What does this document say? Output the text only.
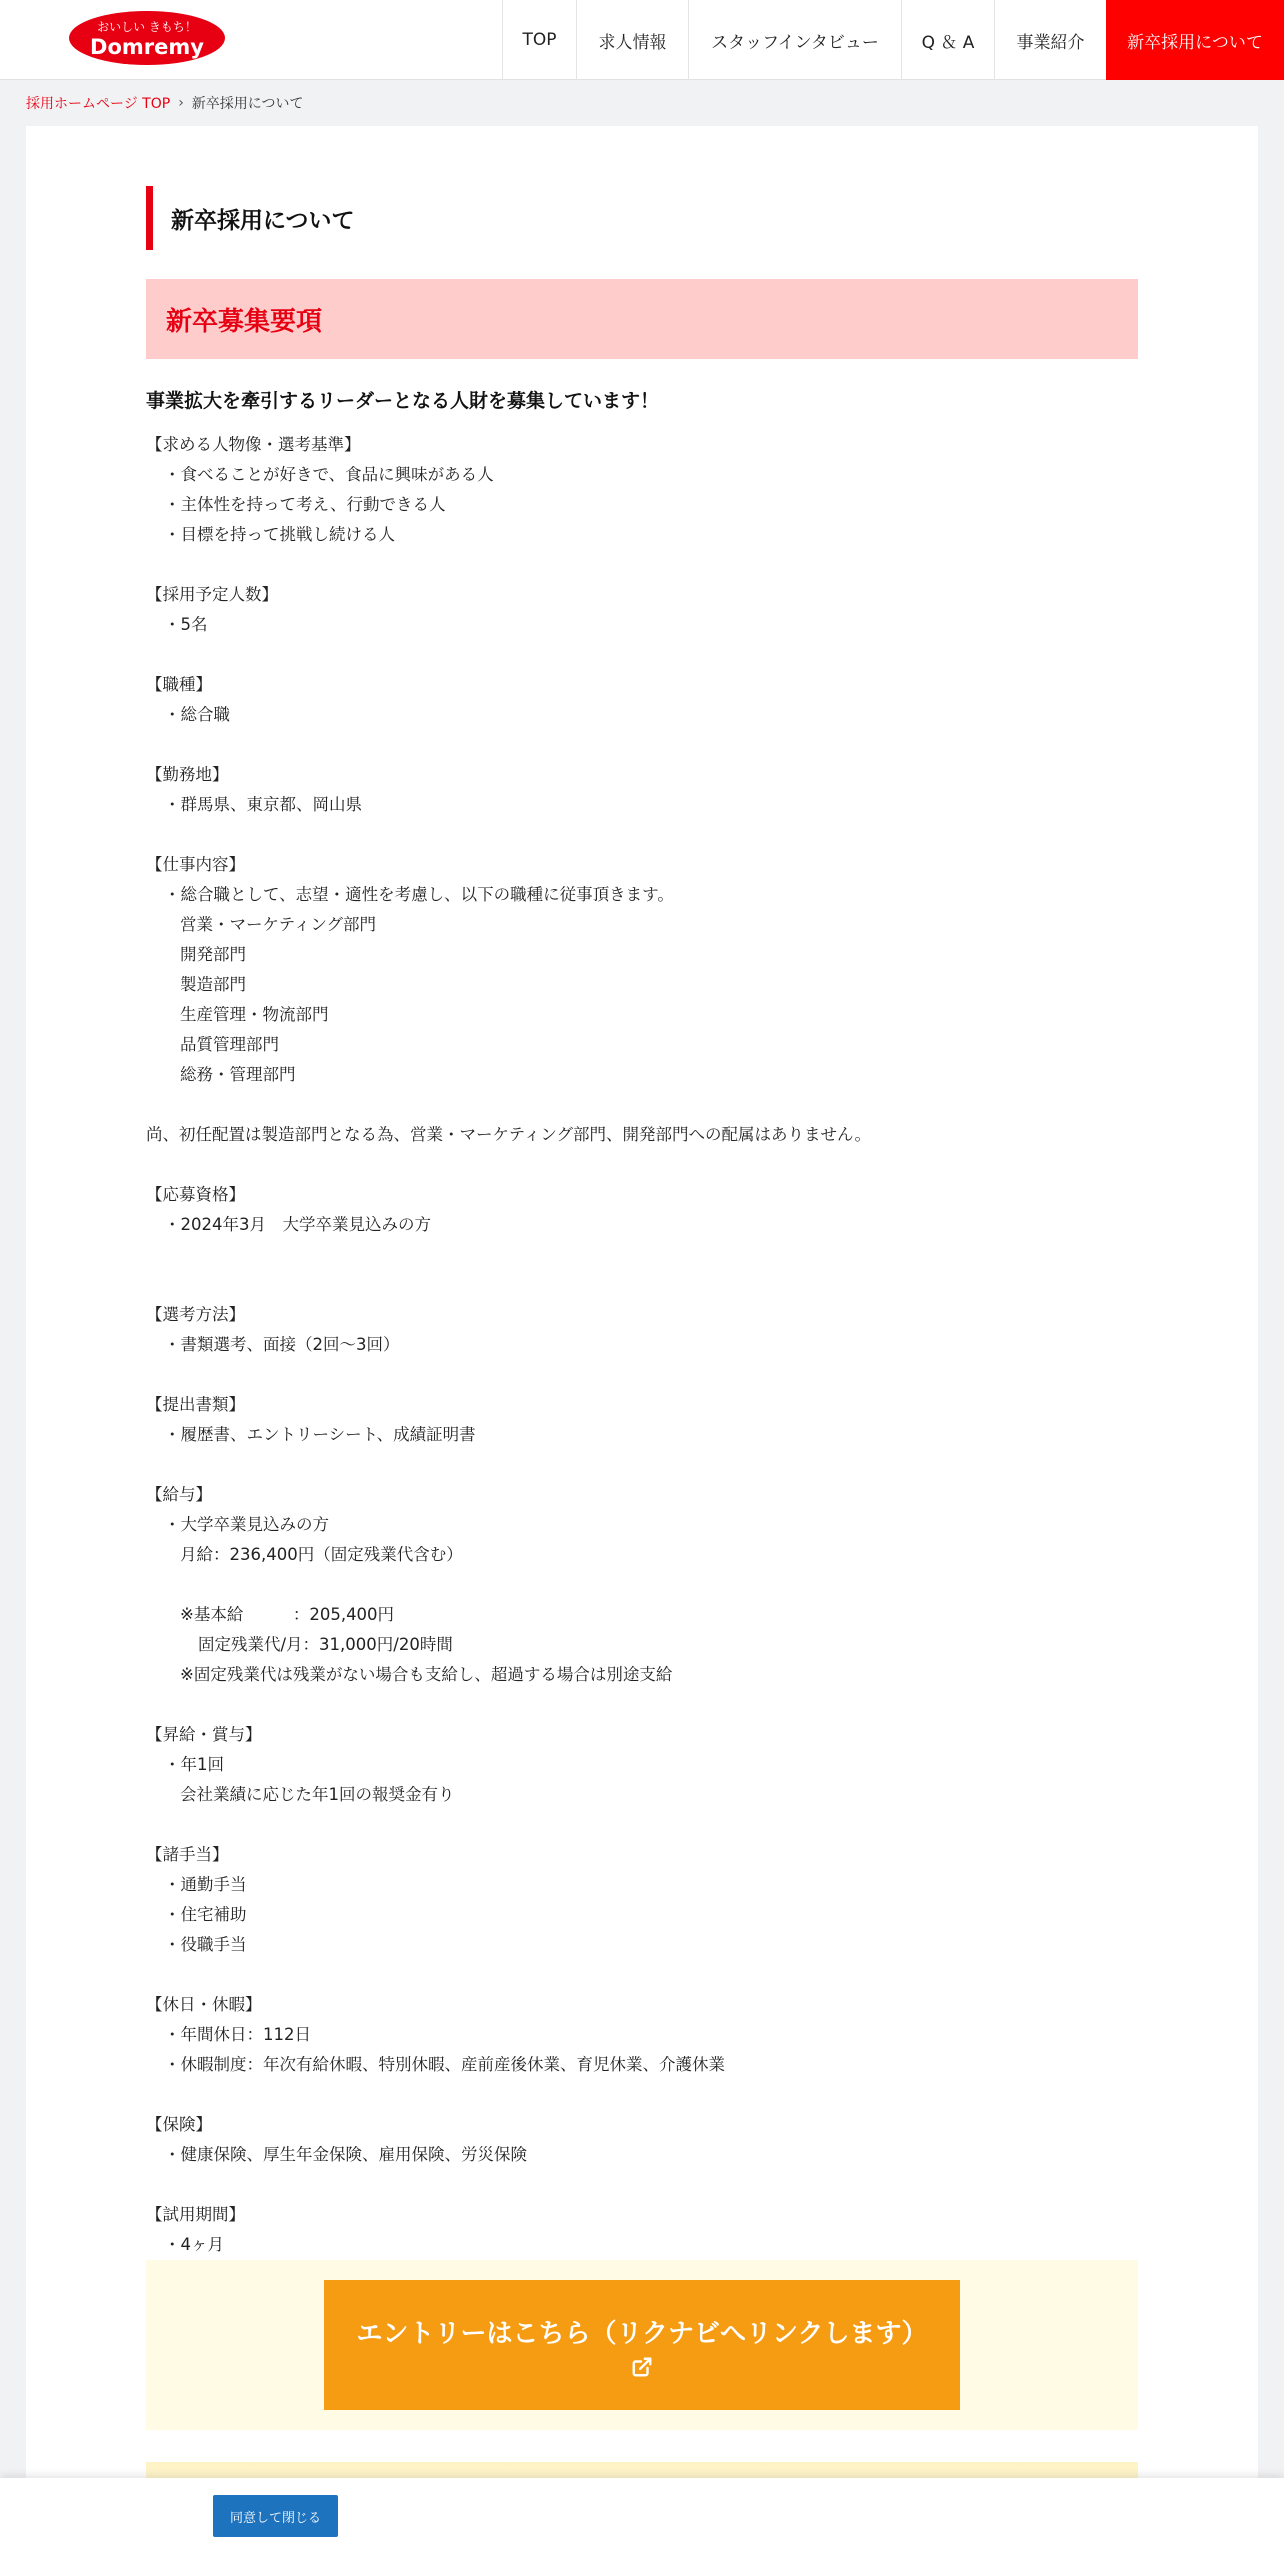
おいしい きもち！
Domremy	TOP	求人情報	スタッフインタビュー	Q ＆ A	事業紹介	新卒採用について
採用ホームページ TOP › 新卒採用について
新卒採用について
新卒募集要項
事業拡大を牽引するリーダーとなる人財を募集しています！
【求める人物像・選考基準】
・食べることが好きで、食品に興味がある人
・主体性を持って考え、行動できる人
・目標を持って挑戦し続ける人
【採用予定人数】
・5名
【職種】
・総合職
【勤務地】
・群馬県、東京都、岡山県
【仕事内容】
・総合職として、志望・適性を考慮し、以下の職種に従事頂きます。
営業・マーケティング部門
開発部門
製造部門
生産管理・物流部門
品質管理部門
総務・管理部門
尚、初任配置は製造部門となる為、営業・マーケティング部門、開発部門への配属はありません。
【応募資格】
・2024年3月　大学卒業見込みの方
【選考方法】
・書類選考、面接（2回～3回）
【提出書類】
・履歴書、エントリーシート、成績証明書
【給与】
・大学卒業見込みの方
月給：236,400円（固定残業代含む）
※基本給　　　：205,400円
固定残業代/月：31,000円/20時間
※固定残業代は残業がない場合も支給し、超過する場合は別途支給
【昇給・賞与】
・年1回
会社業績に応じた年1回の報奨金有り
【諸手当】
・通勤手当
・住宅補助
・役職手当
【休日・休暇】
・年間休日：112日
・休暇制度：年次有給休暇、特別休暇、産前産後休業、育児休業、介護休業
【保険】
・健康保険、厚生年金保険、雇用保険、労災保険
【試用期間】
・4ヶ月
エントリーはこちら（リクナビへリンクします）
同意して閉じる
